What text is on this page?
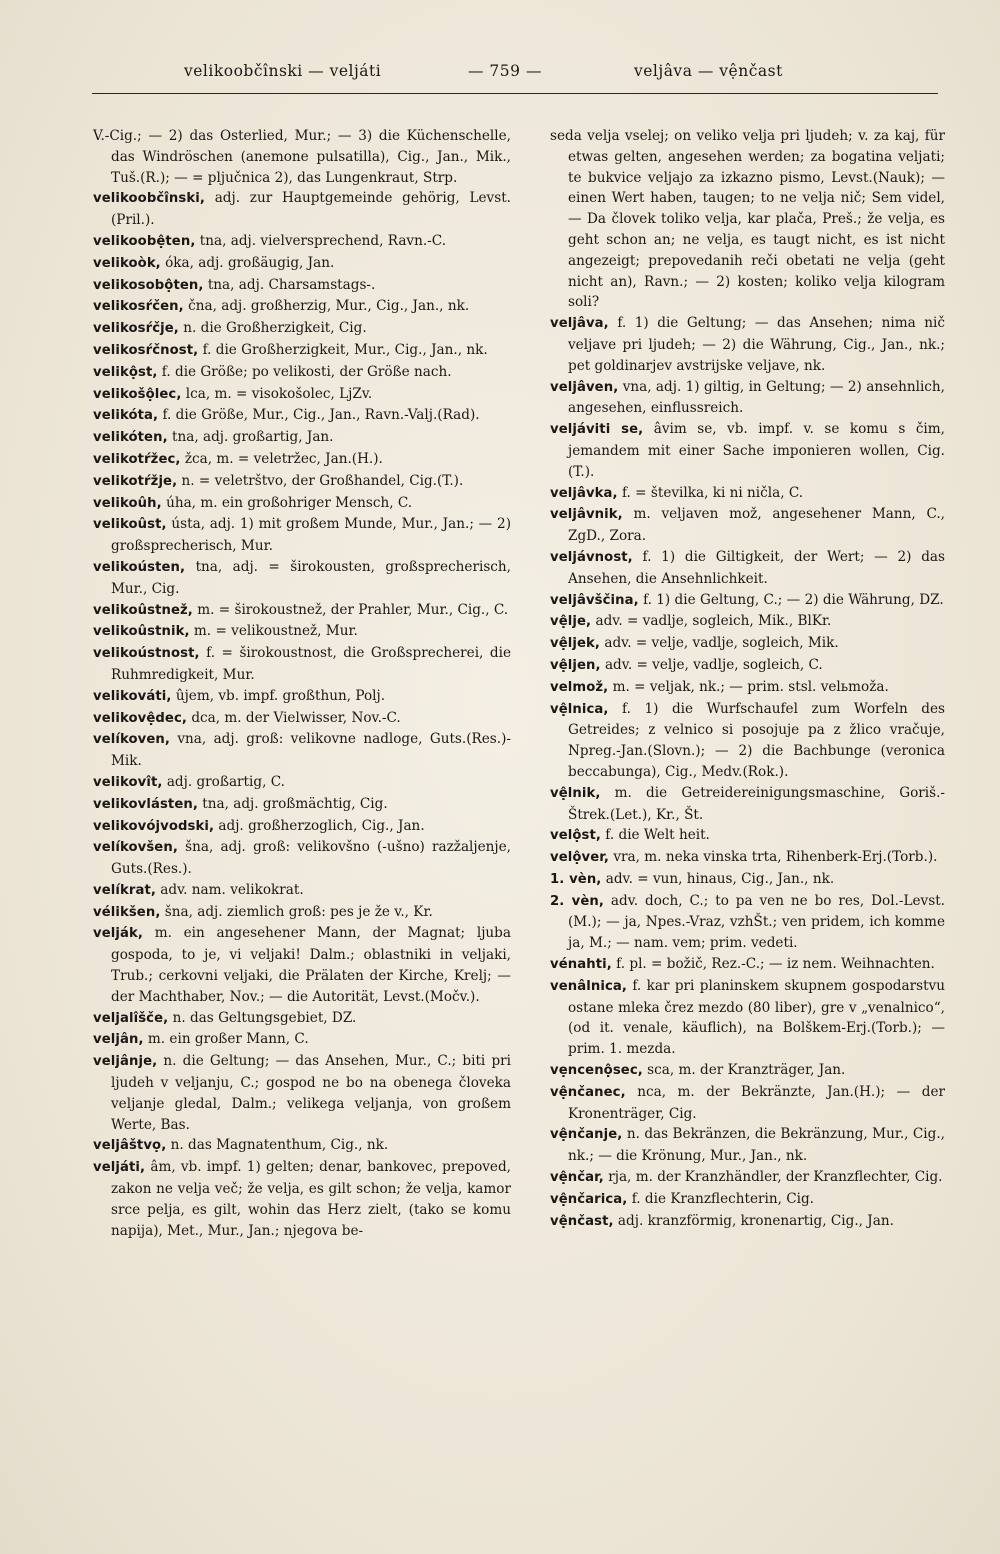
velikoobčînski — veljáti	— 759 —	veljâva — vệnčast

V.-Cig.; — 2) das Osterlied, Mur.; — 3) die Küchenschelle, das Windröschen (anemone pulsatilla), Cig., Jan., Mik., Tuš.(R.); — = pljučnica 2), das Lungenkraut, Strp.

velikoobčînski, adj. zur Hauptgemeinde gehörig, Levst.(Pril.).

velikoobệten, tna, adj. vielversprechend, Ravn.-C.

velikoòk, óka, adj. großäugig, Jan.

velikosobộten, tna, adj. Charsamstags-.

velikosŕčen, čna, adj. großherzig, Mur., Cig., Jan., nk.

velikosŕčje, n. die Großherzigkeit, Cig.

velikosŕčnost, f. die Großherzigkeit, Mur., Cig., Jan., nk.

velikộst, f. die Größe; po velikosti, der Größe nach.

velikošộlec, lca, m. = visokošolec, LjZv.

velikóta, f. die Größe, Mur., Cig., Jan., Ravn.-Valj.(Rad).

velikóten, tna, adj. großartig, Jan.

velikotŕžec, žca, m. = veletržec, Jan.(H.).

velikotŕžje, n. = veletrštvo, der Großhandel, Cig.(T.).

velikoûh, úha, m. ein großohriger Mensch, C.

velikoûst, ústa, adj. 1) mit großem Munde, Mur., Jan.; — 2) großsprecherisch, Mur.

velikoústen, tna, adj. = širokousten, großsprecherisch, Mur., Cig.

velikoûstnež, m. = širokoustnež, der Prahler, Mur., Cig., C.

velikoûstnik, m. = velikoustnež, Mur.

velikoústnost, f. = širokoustnost, die Großsprecherei, die Ruhmredigkeit, Mur.

velikováti, ûjem, vb. impf. großthun, Polj.

velikovệdec, dca, m. der Vielwisser, Nov.-C.

velíkoven, vna, adj. groß: velikovne nadloge, Guts.(Res.)-Mik.

velikovît, adj. großartig, C.

velikovlásten, tna, adj. großmächtig, Cig.

velikovójvodski, adj. großherzoglich, Cig., Jan.

velíkovšen, šna, adj. groß: velikovšno (-ušno) razžaljenje, Guts.(Res.).

velíkrat, adv. nam. velikokrat.

vélikšen, šna, adj. ziemlich groß: pes je že v., Kr.

velják, m. ein angesehener Mann, der Magnat; ljuba gospoda, to je, vi veljaki! Dalm.; oblastniki in veljaki, Trub.; cerkovni veljaki, die Prälaten der Kirche, Krelj; — der Machthaber, Nov.; — die Autorität, Levst.(Močv.).

veljalîšče, n. das Geltungsgebiet, DZ.

veljân, m. ein großer Mann, C.

veljânje, n. die Geltung; — das Ansehen, Mur., C.; biti pri ljudeh v veljanju, C.; gospod ne bo na obenega človeka veljanje gledal, Dalm.; velikega veljanja, von großem Werte, Bas.

veljâštvọ, n. das Magnatenthum, Cig., nk.

veljáti, âm, vb. impf. 1) gelten; denar, bankovec, prepoved, zakon ne velja več; že velja, es gilt schon; že velja, kamor srce pelja, es gilt, wohin das Herz zielt, (tako se komu napija), Met., Mur., Jan.; njegova be-

seda velja vselej; on veliko velja pri ljudeh; v. za kaj, für etwas gelten, angesehen werden; za bogatina veljati; te bukvice veljajo za izkazno pismo, Levst.(Nauk); — einen Wert haben, taugen; to ne velja nič; Sem videl, — Da človek toliko velja, kar plača, Preš.; že velja, es geht schon an; ne velja, es taugt nicht, es ist nicht angezeigt; prepovedanih reči obetati ne velja (geht nicht an), Ravn.; — 2) kosten; koliko velja kilogram soli?

veljâva, f. 1) die Geltung; — das Ansehen; nima nič veljave pri ljudeh; — 2) die Währung, Cig., Jan., nk.; pet goldinarjev avstrijske veljave, nk.

veljâven, vna, adj. 1) giltig, in Geltung; — 2) ansehnlich, angesehen, einflussreich.

veljáviti se, âvim se, vb. impf. v. se komu s čim, jemandem mit einer Sache imponieren wollen, Cig.(T.).

veljâvka, f. = številka, ki ni ničla, C.

veljâvnik, m. veljaven mož, angesehener Mann, C., ZgD., Zora.

veljávnost, f. 1) die Giltigkeit, der Wert; — 2) das Ansehen, die Ansehnlichkeit.

veljâvščina, f. 1) die Geltung, C.; — 2) die Währung, DZ.

vệlje, adv. = vadlje, sogleich, Mik., BlKr.

vệljek, adv. = velje, vadlje, sogleich, Mik.

vệljen, adv. = velje, vadlje, sogleich, C.

velmož, m. = veljak, nk.; — prim. stsl. velьmoža.

vệlnica, f. 1) die Wurfschaufel zum Worfeln des Getreides; z velnico si posojuje pa z žlico vračuje, Npreg.-Jan.(Slovn.); — 2) die Bachbunge (veronica beccabunga), Cig., Medv.(Rok.).

vệlnik, m. die Getreidereinigungsmaschine, Goriš.-Štrek.(Let.), Kr., Št.

velộst, f. die Welt heit.

velộver, vra, m. neka vinska trta, Rihenberk-Erj.(Torb.).

1. vèn, adv. = vun, hinaus, Cig., Jan., nk.

2. vèn, adv. doch, C.; to pa ven ne bo res, Dol.-Levst.(M.); — ja, Npes.-Vraz, vzhŠt.; ven pridem, ich komme ja, M.; — nam. vem; prim. vedeti.

vénahti, f. pl. = božič, Rez.-C.; — iz nem. Weihnachten.

venâlnica, f. kar pri planinskem skupnem gospodarstvu ostane mleka črez mezdo (80 liber), gre v „venalnico“, (od it. venale, käuflich), na Bolškem-Erj.(Torb.); — prim. 1. mezda.

vẹncenộsec, sca, m. der Kranzträger, Jan.

vệnčanec, nca, m. der Bekränzte, Jan.(H.); — der Kronenträger, Cig.

vệnčanje, n. das Bekränzen, die Bekränzung, Mur., Cig., nk.; — die Krönung, Mur., Jan., nk.

vệnčar, rja, m. der Kranzhändler, der Kranzflechter, Cig.

vệnčarica, f. die Kranzflechterin, Cig.

vệnčast, adj. kranzförmig, kronenartig, Cig., Jan.
